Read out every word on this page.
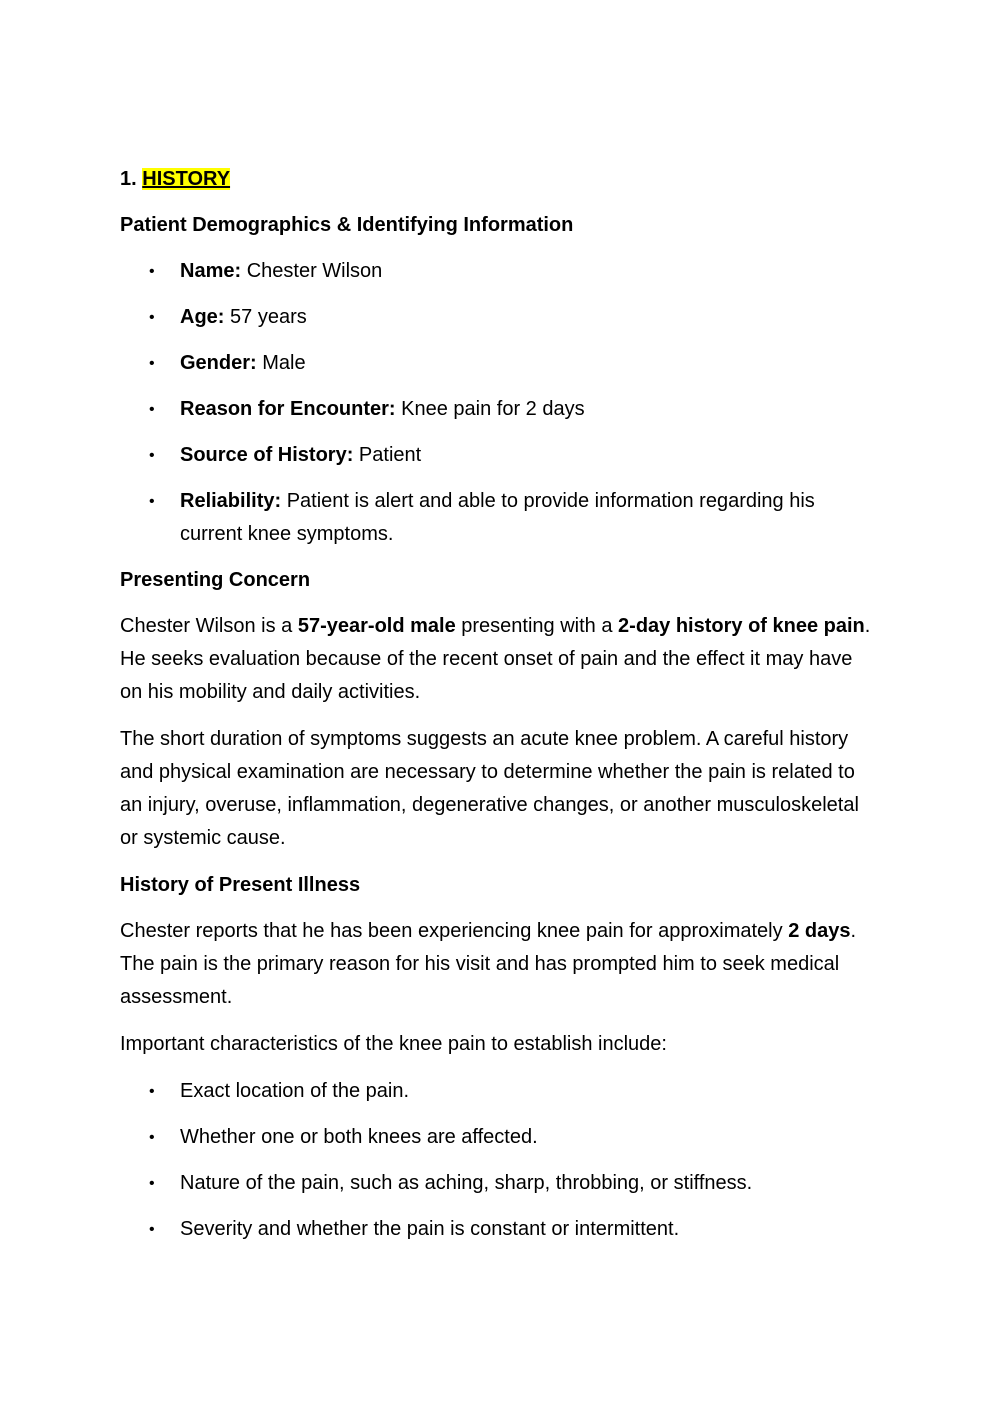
1. HISTORY
Patient Demographics & Identifying Information
• Name: Chester Wilson
• Age: 57 years
• Gender: Male
• Reason for Encounter: Knee pain for 2 days
• Source of History: Patient
• Reliability: Patient is alert and able to provide information regarding his current knee symptoms.
Presenting Concern

Chester Wilson is a 57-year-old male presenting with a 2-day history of knee pain. He seeks evaluation because of the recent onset of pain and the effect it may have on his mobility and daily activities.

The short duration of symptoms suggests an acute knee problem. A careful history and physical examination are necessary to determine whether the pain is related to an injury, overuse, inflammation, degenerative changes, or another musculoskeletal or systemic cause.

History of Present Illness

Chester reports that he has been experiencing knee pain for approximately 2 days. The pain is the primary reason for his visit and has prompted him to seek medical assessment.

Important characteristics of the knee pain to establish include:

• Exact location of the pain.
• Whether one or both knees are affected.
• Nature of the pain, such as aching, sharp, throbbing, or stiffness.
• Severity and whether the pain is constant or intermittent.
